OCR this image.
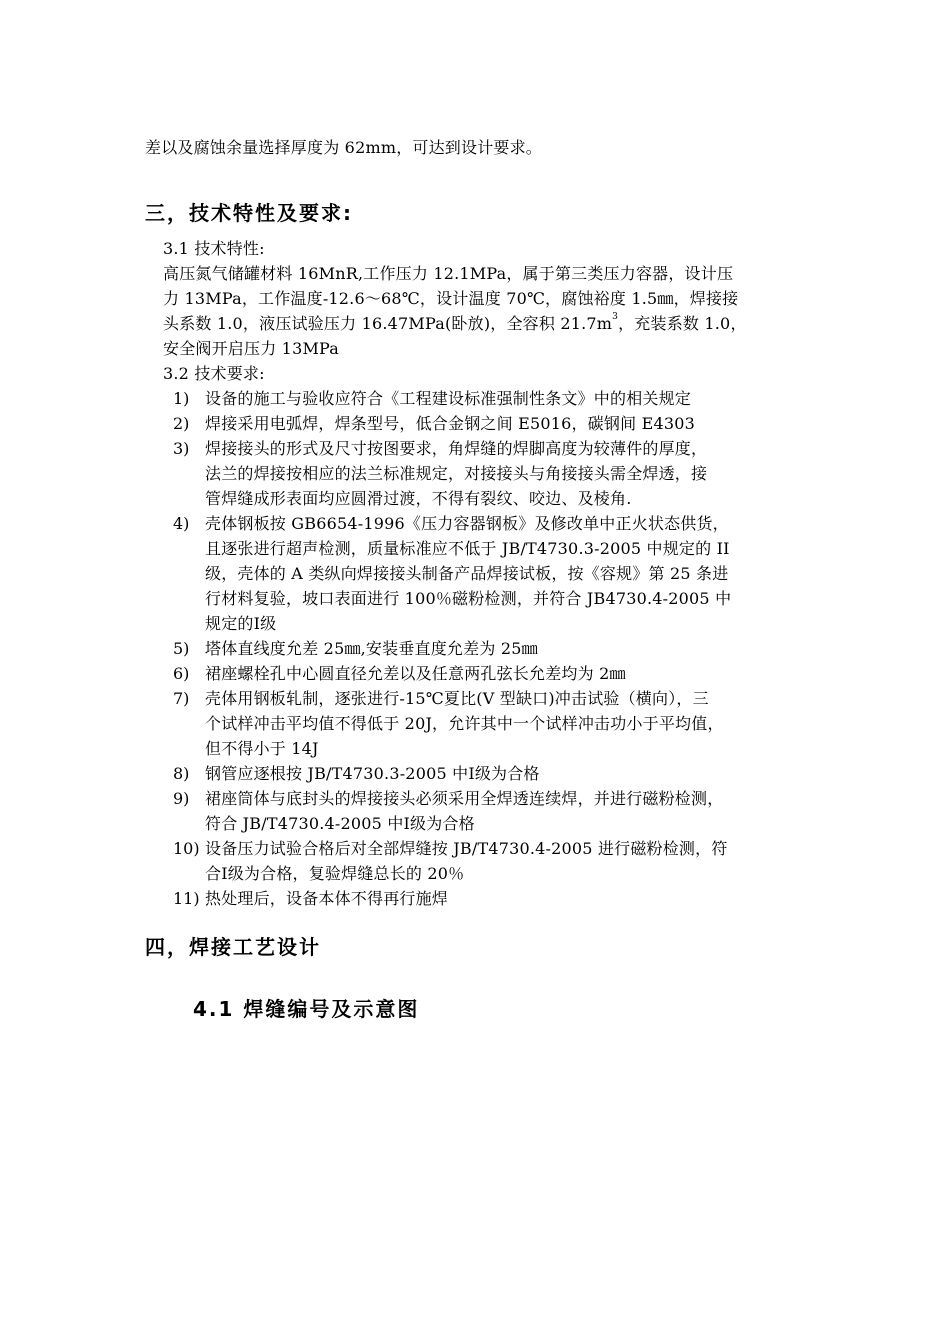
差以及腐蚀余量选择厚度为 62mm，可达到设计要求。
三，技术特性及要求:
3.1 技术特性:
高压氮气储罐材料 16MnR,工作压力 12.1MPa，属于第三类压力容器，设计压
力 13MPa，工作温度-12.6～68℃，设计温度 70℃，腐蚀裕度 1.5㎜，焊接接
头系数 1.0，液压试验压力 16.47MPa(卧放)，全容积 $21.7m^3$，充装系数 1.0，
安全阀开启压力 13MPa
3.2 技术要求:
1) 设备的施工与验收应符合《工程建设标准强制性条文》中的相关规定
2) 焊接采用电弧焊，焊条型号，低合金钢之间 E5016，碳钢间 E4303
3) 焊接接头的形式及尺寸按图要求，角焊缝的焊脚高度为较薄件的厚度，
法兰的焊接按相应的法兰标准规定，对接接头与角接接头需全焊透，接
管焊缝成形表面均应圆滑过渡，不得有裂纹、咬边、及棱角.
4) 壳体钢板按 GB6654-1996《压力容器钢板》及修改单中正火状态供货，
且逐张进行超声检测，质量标准应不低于 JB/T4730.3-2005 中规定的 II
级，壳体的 A 类纵向焊接接头制备产品焊接试板，按《容规》第 25 条进
行材料复验，坡口表面进行 100％磁粉检测，并符合 JB4730.4-2005 中
规定的Ⅰ级
5) 塔体直线度允差 25㎜,安装垂直度允差为 25㎜
6) 裙座螺栓孔中心圆直径允差以及任意两孔弦长允差均为 2㎜
7) 壳体用钢板轧制，逐张进行-15℃夏比(V 型缺口)冲击试验（横向），三
个试样冲击平均值不得低于 20J，允许其中一个试样冲击功小于平均值，
但不得小于 14J
8) 钢管应逐根按 JB/T4730.3-2005 中Ⅰ级为合格
9) 裙座筒体与底封头的焊接接头必须采用全焊透连续焊，并进行磁粉检测，
符合 JB/T4730.4-2005 中Ⅰ级为合格
10) 设备压力试验合格后对全部焊缝按 JB/T4730.4-2005 进行磁粉检测，符
合Ⅰ级为合格，复验焊缝总长的 20％
11) 热处理后，设备本体不得再行施焊
四，焊接工艺设计
4.1 焊缝编号及示意图
